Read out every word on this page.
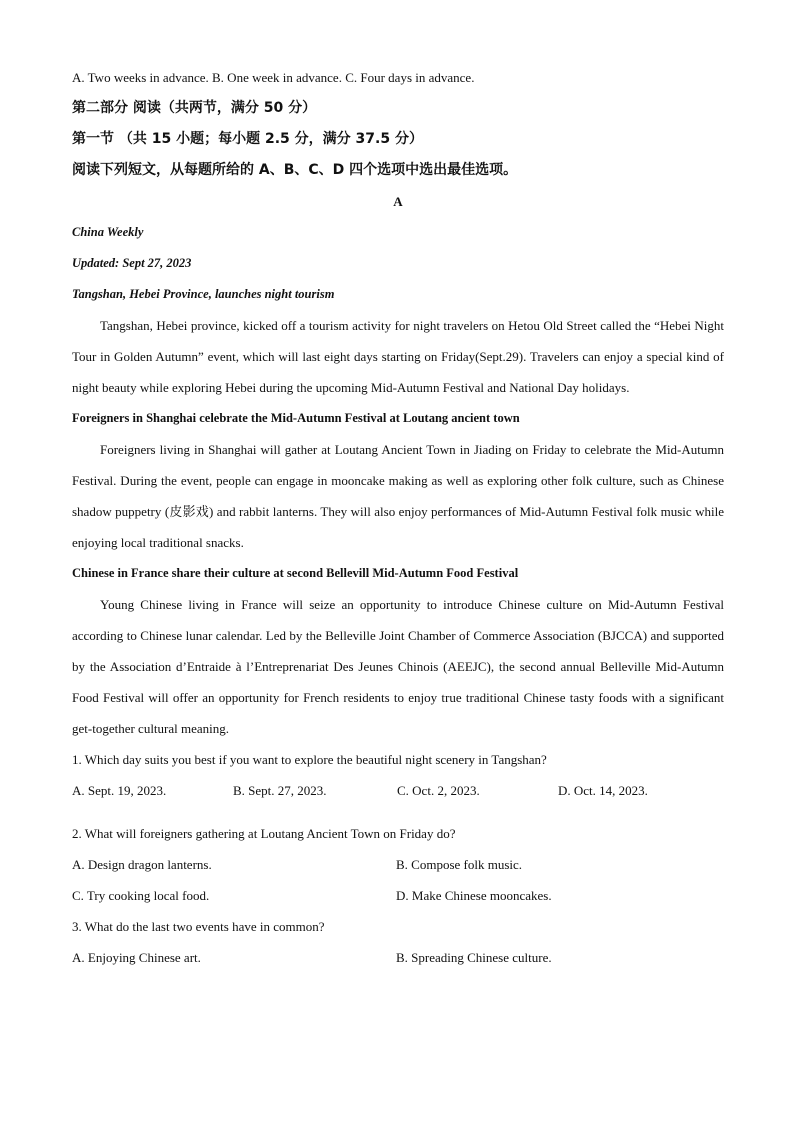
A. Two weeks in advance. B. One week in advance. C. Four days in advance.
第二部分 阅读（共两节，满分 50 分）
第一节 （共 15 小题；每小题 2.5 分，满分 37.5 分）
阅读下列短文，从每题所给的 A、B、C、D 四个选项中选出最佳选项。
A
China Weekly
Updated: Sept 27, 2023
Tangshan, Hebei Province, launches night tourism

Tangshan, Hebei province, kicked off a tourism activity for night travelers on Hetou Old Street called the “Hebei Night Tour in Golden Autumn” event, which will last eight days starting on Friday(Sept.29). Travelers can enjoy a special kind of night beauty while exploring Hebei during the upcoming Mid-Autumn Festival and National Day holidays.

Foreigners in Shanghai celebrate the Mid-Autumn Festival at Loutang ancient town

Foreigners living in Shanghai will gather at Loutang Ancient Town in Jiading on Friday to celebrate the Mid-Autumn Festival. During the event, people can engage in mooncake making as well as exploring other folk culture, such as Chinese shadow puppetry (皮影戏) and rabbit lanterns. They will also enjoy performances of Mid-Autumn Festival folk music while enjoying local traditional snacks.

Chinese in France share their culture at second Bellevill Mid-Autumn Food Festival

Young Chinese living in France will seize an opportunity to introduce Chinese culture on Mid-Autumn Festival according to Chinese lunar calendar. Led by the Belleville Joint Chamber of Commerce Association (BJCCA) and supported by the Association d’Entraide à l’Entreprenariat Des Jeunes Chinois (AEEJC), the second annual Belleville Mid-Autumn Food Festival will offer an opportunity for French residents to enjoy true traditional Chinese tasty foods with a significant get-together cultural meaning.

1. Which day suits you best if you want to explore the beautiful night scenery in Tangshan?
A. Sept. 19, 2023.	B. Sept. 27, 2023.	C. Oct. 2, 2023.	D. Oct. 14, 2023.
2. What will foreigners gathering at Loutang Ancient Town on Friday do?
A. Design dragon lanterns.	B. Compose folk music.
C. Try cooking local food.	D. Make Chinese mooncakes.
3. What do the last two events have in common?
A. Enjoying Chinese art.	B. Spreading Chinese culture.
